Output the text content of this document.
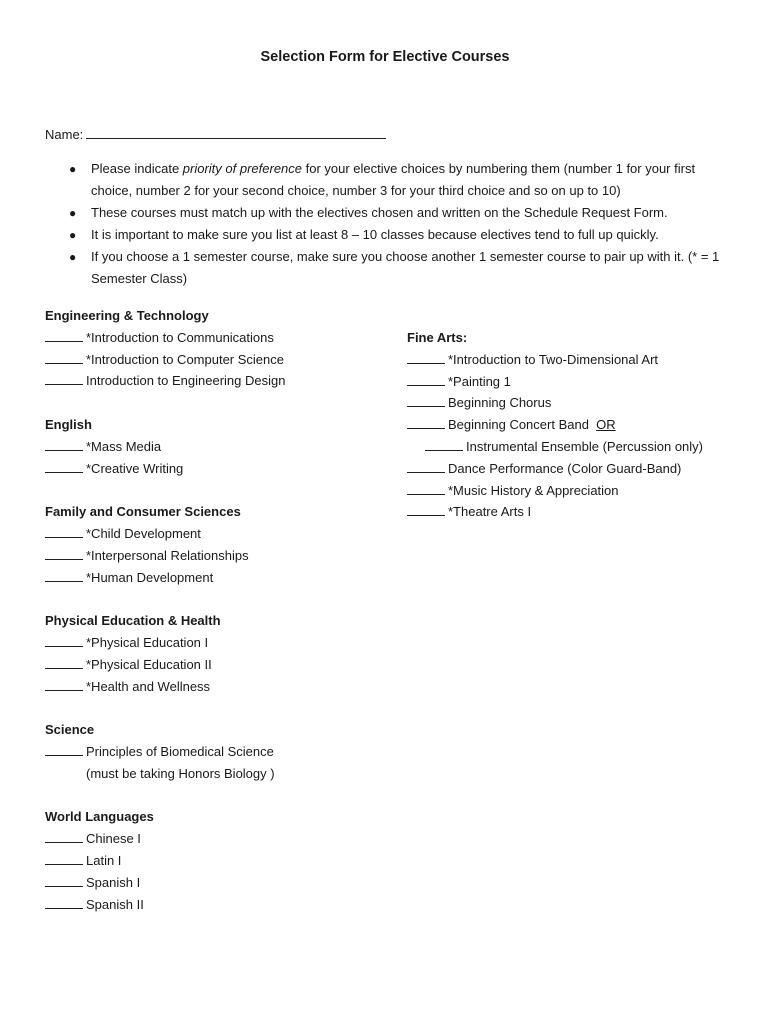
Selection Form for Elective Courses
Name:
● Please indicate priority of preference for your elective choices by numbering them (number 1 for your first choice, number 2 for your second choice, number 3 for your third choice and so on up to 10)
● These courses must match up with the electives chosen and written on the Schedule Request Form.
● It is important to make sure you list at least 8 – 10 classes because electives tend to full up quickly.
● If you choose a 1 semester course, make sure you choose another 1 semester course to pair up with it. (* = 1 Semester Class)
Engineering & Technology
*Introduction to Communications
*Introduction to Computer Science
Introduction to Engineering Design
English
*Mass Media
*Creative Writing
Family and Consumer Sciences
*Child Development
*Interpersonal Relationships
*Human Development
Physical Education & Health
*Physical Education I
*Physical Education II
*Health and Wellness
Science
Principles of Biomedical Science
(must be taking Honors Biology )
World Languages
Chinese I
Latin I
Spanish I
Spanish II
Fine Arts:
*Introduction to Two-Dimensional Art
*Painting 1
Beginning Chorus
Beginning Concert Band OR
Instrumental Ensemble (Percussion only)
Dance Performance (Color Guard-Band)
*Music History & Appreciation
*Theatre Arts I
